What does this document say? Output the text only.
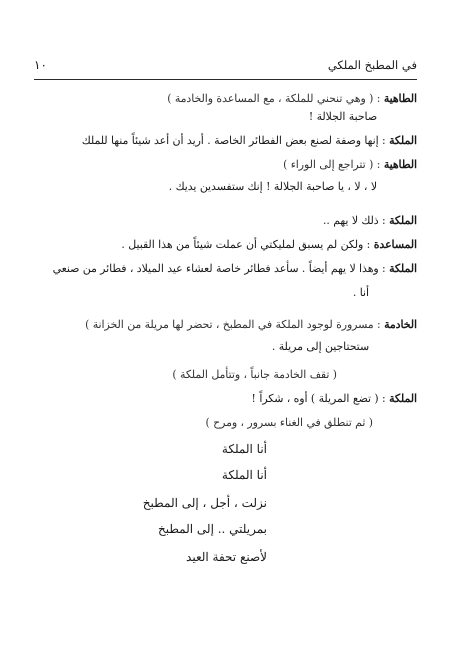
في المطبخ الملكي
١٠
الطاهية : ( وهي تنحني للملكة ، مع المساعدة والخادمة )
صاحبة الجلالة !
الملكة : إنها وصفة لصنع بعض الفطائر الخاصة . أريد أن أعد شيئاً منها للملك
الطاهية : ( تتراجع إلى الوراء )
لا ، لا ، يا صاحبة الجلالة ! إنك ستفسدين يديك .
الملكة : ذلك لا يهم ..
المساعدة : ولكن لم يسبق لمليكتي أن عملت شيئاً من هذا القبيل .
الملكة : وهذا لا يهم أيضاً . سأعد فطائر خاصة لعشاء عيد الميلاد ، فطائر من صنعي
أنا .
الخادمة : مسرورة لوجود الملكة في المطبخ ، تحضر لها مريلة من الخزانة )
ستحتاجين إلى مريلة .
( تقف الخادمة جانباً ، وتتأمل الملكة )
الملكة : ( تضع المريلة ) أوه ، شكراً !
( ثم تنطلق في الغناء بسرور ، ومرح )
أنا الملكة
أنا الملكة
نزلت ، أجل ، إلى المطبخ
بمريلتي .. إلى المطبخ
لأصنع تحفة العيد
